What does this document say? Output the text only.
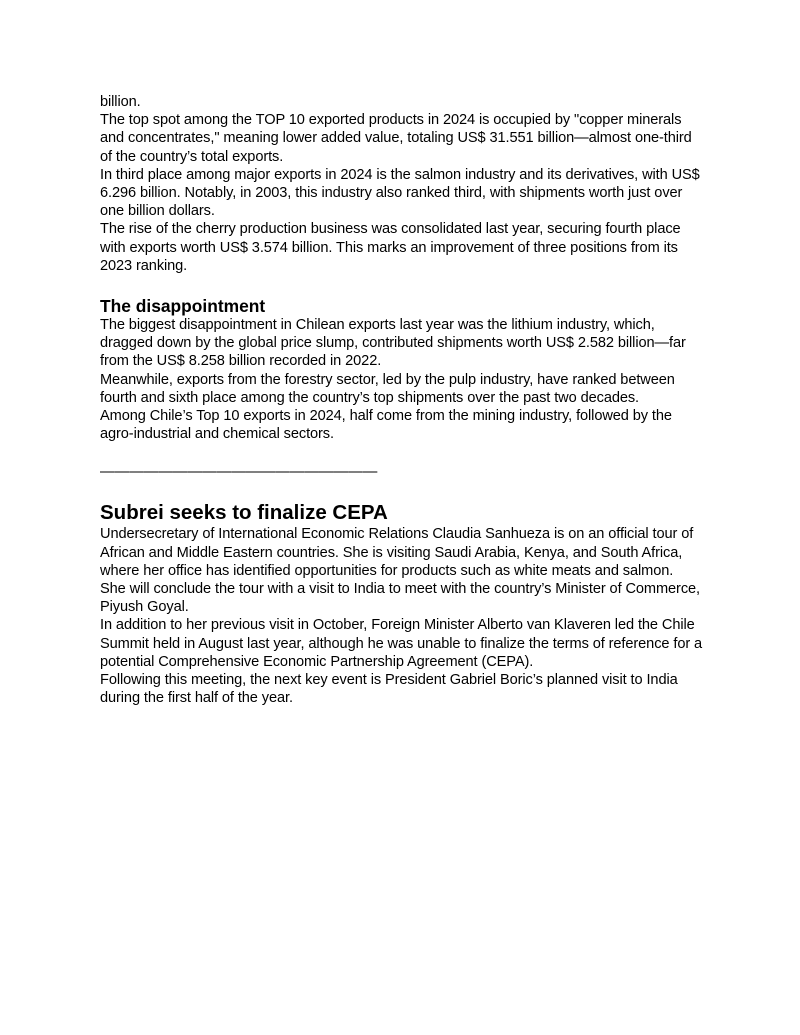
billion.

The top spot among the TOP 10 exported products in 2024 is occupied by "copper minerals and concentrates," meaning lower added value, totaling US$ 31.551 billion—almost one-third of the country’s total exports.

In third place among major exports in 2024 is the salmon industry and its derivatives, with US$ 6.296 billion. Notably, in 2003, this industry also ranked third, with shipments worth just over one billion dollars.

The rise of the cherry production business was consolidated last year, securing fourth place with exports worth US$ 3.574 billion. This marks an improvement of three positions from its 2023 ranking.

The disappointment

The biggest disappointment in Chilean exports last year was the lithium industry, which, dragged down by the global price slump, contributed shipments worth US$ 2.582 billion—far from the US$ 8.258 billion recorded in 2022.

Meanwhile, exports from the forestry sector, led by the pulp industry, have ranked between fourth and sixth place among the country’s top shipments over the past two decades.

Among Chile’s Top 10 exports in 2024, half come from the mining industry, followed by the agro-industrial and chemical sectors.

———————————————————

Subrei seeks to finalize CEPA

Undersecretary of International Economic Relations Claudia Sanhueza is on an official tour of African and Middle Eastern countries. She is visiting Saudi Arabia, Kenya, and South Africa, where her office has identified opportunities for products such as white meats and salmon.

She will conclude the tour with a visit to India to meet with the country’s Minister of Commerce, Piyush Goyal.

In addition to her previous visit in October, Foreign Minister Alberto van Klaveren led the Chile Summit held in August last year, although he was unable to finalize the terms of reference for a potential Comprehensive Economic Partnership Agreement (CEPA).

Following this meeting, the next key event is President Gabriel Boric’s planned visit to India during the first half of the year.
